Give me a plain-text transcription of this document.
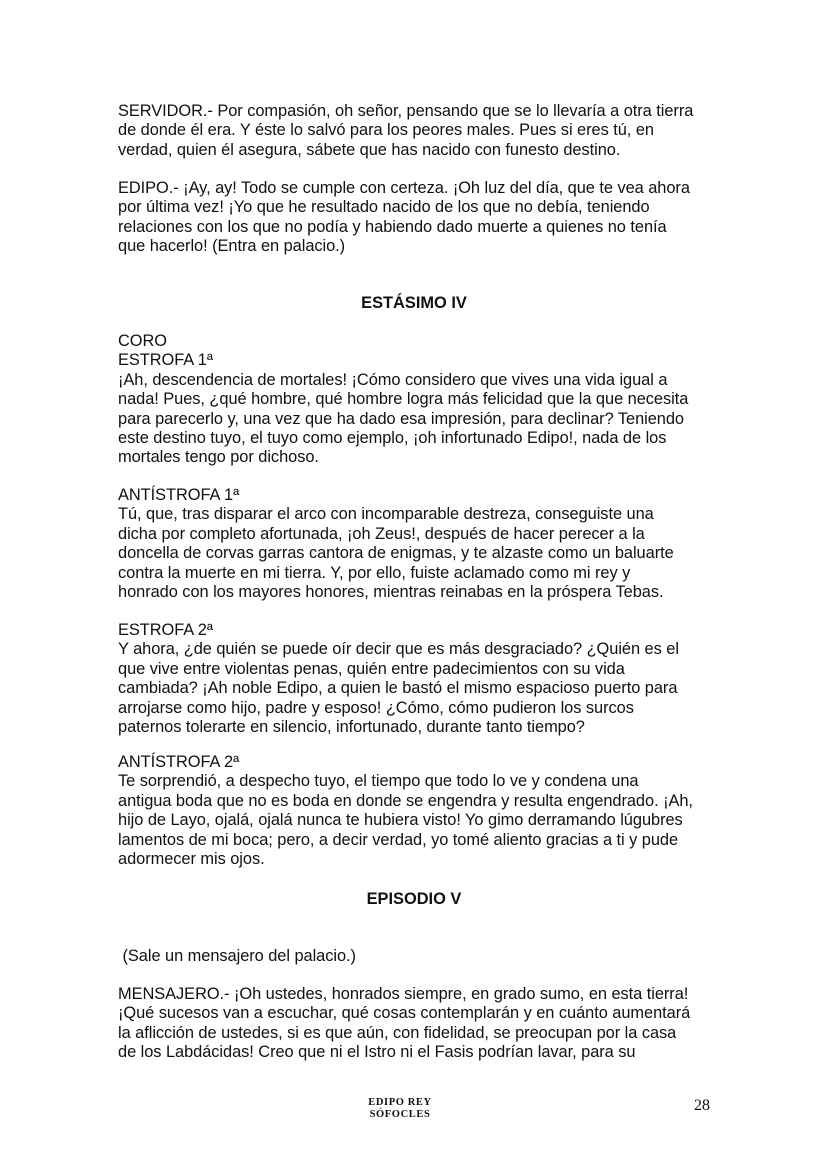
SERVIDOR.- Por compasión, oh señor, pensando que se lo llevaría a otra tierra
de donde él era. Y éste lo salvó para los peores males. Pues si eres tú, en
verdad, quien él asegura, sábete que has nacido con funesto destino.

EDIPO.- ¡Ay, ay! Todo se cumple con certeza. ¡Oh luz del día, que te vea ahora
por última vez! ¡Yo que he resultado nacido de los que no debía, teniendo
relaciones con los que no podía y habiendo dado muerte a quienes no tenía
que hacerlo! (Entra en palacio.)

ESTÁSIMO IV

CORO
ESTROFA 1ª
¡Ah, descendencia de mortales! ¡Cómo considero que vives una vida igual a
nada! Pues, ¿qué hombre, qué hombre logra más felicidad que la que necesita
para parecerlo y, una vez que ha dado esa impresión, para declinar? Teniendo
este destino tuyo, el tuyo como ejemplo, ¡oh infortunado Edipo!, nada de los
mortales tengo por dichoso.

ANTÍSTROFA 1ª
Tú, que, tras disparar el arco con incomparable destreza, conseguiste una
dicha por completo afortunada, ¡oh Zeus!, después de hacer perecer a la
doncella de corvas garras cantora de enigmas, y te alzaste como un baluarte
contra la muerte en mi tierra. Y, por ello, fuiste aclamado como mi rey y
honrado con los mayores honores, mientras reinabas en la próspera Tebas.

ESTROFA 2ª
Y ahora, ¿de quién se puede oír decir que es más desgraciado? ¿Quién es el
que vive entre violentas penas, quién entre padecimientos con su vida
cambiada? ¡Ah noble Edipo, a quien le bastó el mismo espacioso puerto para
arrojarse como hijo, padre y esposo! ¿Cómo, cómo pudieron los surcos
paternos tolerarte en silencio, infortunado, durante tanto tiempo?

ANTÍSTROFA 2ª
Te sorprendió, a despecho tuyo, el tiempo que todo lo ve y condena una
antigua boda que no es boda en donde se engendra y resulta engendrado. ¡Ah,
hijo de Layo, ojalá, ojalá nunca te hubiera visto! Yo gimo derramando lúgubres
lamentos de mi boca; pero, a decir verdad, yo tomé aliento gracias a ti y pude
adormecer mis ojos.

EPISODIO V

(Sale un mensajero del palacio.)

MENSAJERO.- ¡Oh ustedes, honrados siempre, en grado sumo, en esta tierra!
¡Qué sucesos van a escuchar, qué cosas contemplarán y en cuánto aumentará
la aflicción de ustedes, si es que aún, con fidelidad, se preocupan por la casa
de los Labdácidas! Creo que ni el Istro ni el Fasis podrían lavar, para su

EDIPO REY
SÓFOCLES
28
